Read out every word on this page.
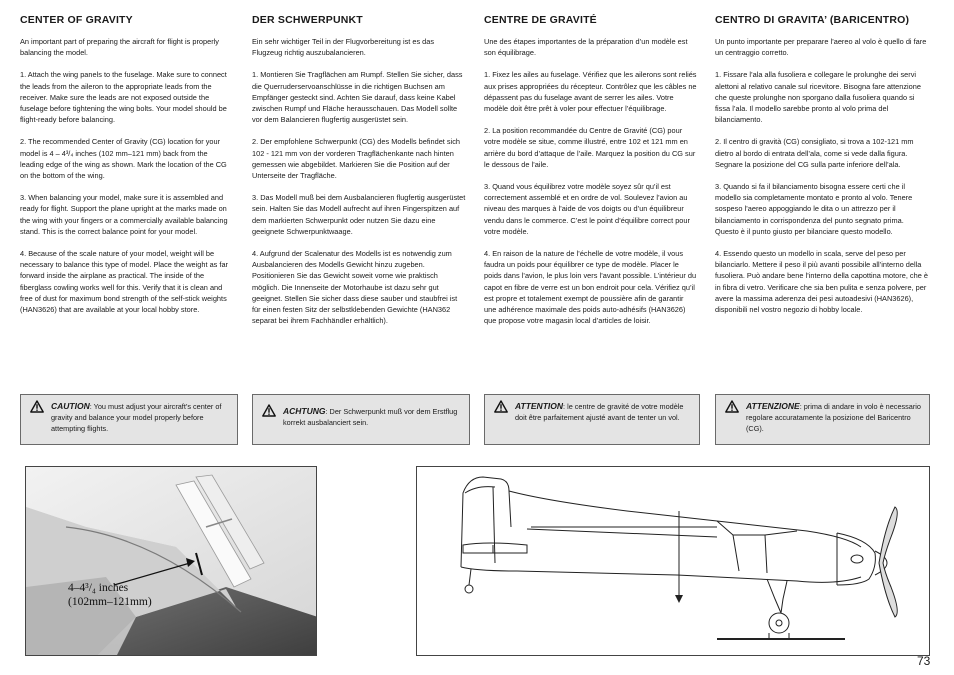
CENTER OF GRAVITY

An important part of preparing the aircraft for flight is properly balancing the model.

1. Attach the wing panels to the fuselage. Make sure to connect the leads from the aileron to the appropriate leads from the receiver. Make sure the leads are not exposed outside the fuselage before tightening the wing bolts. Your model should be flight-ready before balancing.

2. The recommended Center of Gravity (CG) location for your model is 4 – 4³/₄ inches (102 mm–121 mm) back from the leading edge of the wing as shown. Mark the location of the CG on the bottom of the wing.

3. When balancing your model, make sure it is assembled and ready for flight. Support the plane upright at the marks made on the wing with your fingers or a commercially available balancing stand. This is the correct balance point for your model.

4. Because of the scale nature of your model, weight will be necessary to balance this type of model. Place the weight as far forward inside the airplane as practical. The inside of the fiberglass cowling works well for this. Verify that it is clean and free of dust for maximum bond strength of the self-stick weights (HAN3626) that are available at your local hobby store.

DER SCHWERPUNKT

Ein sehr wichtiger Teil in der Flugvorbereitung ist es das Flugzeug richtig auszubalancieren.

1. Montieren Sie Tragflächen am Rumpf. Stellen Sie sicher, dass die Querruderservoanschlüsse in die richtigen Buchsen am Empfänger gesteckt sind. Achten Sie darauf, dass keine Kabel zwischen Rumpf und Fläche herausschauen. Das Modell sollte vor dem Balancieren flugfertig ausgerüstet sein.

2. Der empfohlene Schwerpunkt (CG) des Modells befindet sich 102 - 121 mm von der vorderen Tragflächenkante nach hinten gemessen wie abgebildet. Markieren Sie die Position auf der Unterseite der Tragfläche.

3. Das Modell muß bei dem Ausbalancieren flugfertig ausgerüstet sein. Halten Sie das Modell aufrecht auf ihren Fingerspitzen auf dem markierten Schwerpunkt oder nutzen Sie dazu eine geeignete Schwerpunktwaage.

4. Aufgrund der Scalenatur des Modells ist es notwendig zum Ausbalancieren des Modells Gewicht hinzu zugeben. Positionieren Sie das Gewicht soweit vorne wie praktisch möglich. Die Innenseite der Motorhaube ist dazu sehr gut geeignet. Stellen Sie sicher dass diese sauber und staubfrei ist für einen festen Sitz der selbstklebenden Gewichte (HAN362 separat bei ihrem Fachhändler erhältlich).

CENTRE DE GRAVITÉ

Une des étapes importantes de la préparation d’un modèle est son équilibrage.

1. Fixez les ailes au fuselage. Vérifiez que les ailerons sont reliés aux prises appropriées du récepteur. Contrôlez que les câbles ne dépassent pas du fuselage avant de serrer les ailes. Votre modèle doit être prêt à voler pour effectuer l’équilibrage.

2. La position recommandée du Centre de Gravité (CG) pour votre modèle se situe, comme illustré, entre 102 et 121 mm en arrière du bord d’attaque de l’aile. Marquez la position du CG sur le dessous de l’aile.

3. Quand vous équilibrez votre modèle soyez sûr qu’il est correctement assemblé et en ordre de vol. Soulevez l’avion au niveau des marques à l’aide de vos doigts ou d’un équilibreur vendu dans le commerce. C’est le point d’équilibre correct pour votre modèle.

4. En raison de la nature de l’échelle de votre modèle, il vous faudra un poids pour équilibrer ce type de modèle. Placer le poids dans l’avion, le plus loin vers l’avant possible. L’intérieur du capot en fibre de verre est un bon endroit pour cela. Vérifiez qu’il est propre et totalement exempt de poussière afin de garantir une adhérence maximale des poids auto-adhésifs (HAN3626) que propose votre magasin local d’articles de loisir.

CENTRO DI GRAVITA’ (BARICENTRO)

Un punto importante per preparare l’aereo al volo è quello di fare un centraggio corretto.

1. Fissare l’ala alla fusoliera e collegare le prolunghe dei servi alettoni al relativo canale sul ricevitore. Bisogna fare attenzione che queste prolunghe non sporgano dalla fusoliera quando si fissa l’ala. Il modello sarebbe pronto al volo prima del bilanciamento.

2. Il centro di gravità (CG) consigliato, si trova a 102-121 mm dietro al bordo di entrata dell’ala, come si vede dalla figura. Segnare la posizione del CG sulla parte inferiore dell’ala.

3. Quando si fa il bilanciamento bisogna essere certi che il modello sia completamente montato e pronto al volo. Tenere sospeso l’aereo appoggiando le dita o un attrezzo per il bilanciamento in corrispondenza del punto segnato prima. Questo è il punto giusto per bilanciare questo modello.

4. Essendo questo un modello in scala, serve del peso per bilanciarlo. Mettere il peso il più avanti possibile all’interno della fusoliera. Può andare bene l’interno della capottina motore, che è in fibra di vetro. Verificare che sia ben pulita e senza polvere, per avere la massima aderenza dei pesi autoadesivi (HAN3626), disponibili nel vostro negozio di hobby locale.

CAUTION: You must adjust your aircraft’s center of gravity and balance your model properly before attempting flights.
ACHTUNG: Der Schwerpunkt muß vor dem Erstflug korrekt ausbalanciert sein.
ATTENTION: le centre de gravité de votre modèle doit être parfaitement ajusté avant de tenter un vol.
ATTENZIONE: prima di andare in volo è necessario regolare accuratamente la posizione del Baricentro (CG).
4–4³/₄ inches
(102mm–121mm)
73
